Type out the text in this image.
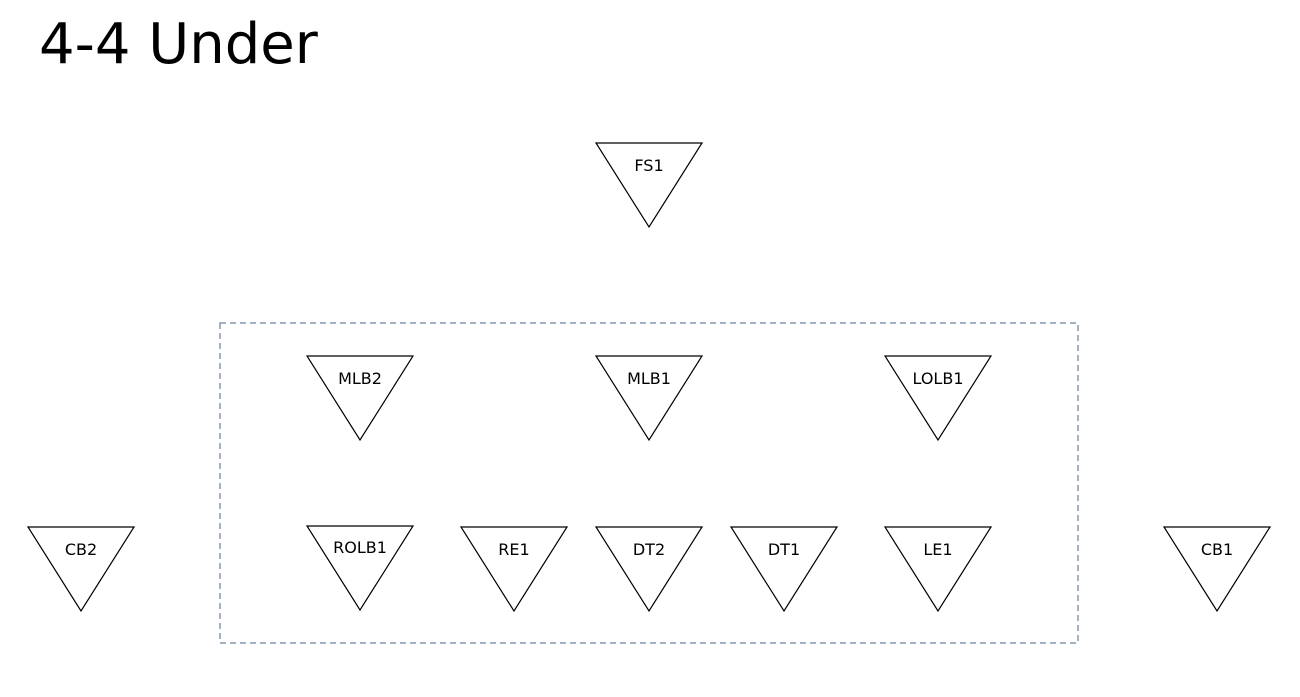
4-4 Under
FS1
MLB2	MLB1	LOLB1
CB2	ROLB1	RE1	DT2	DT1	LE1	CB1
